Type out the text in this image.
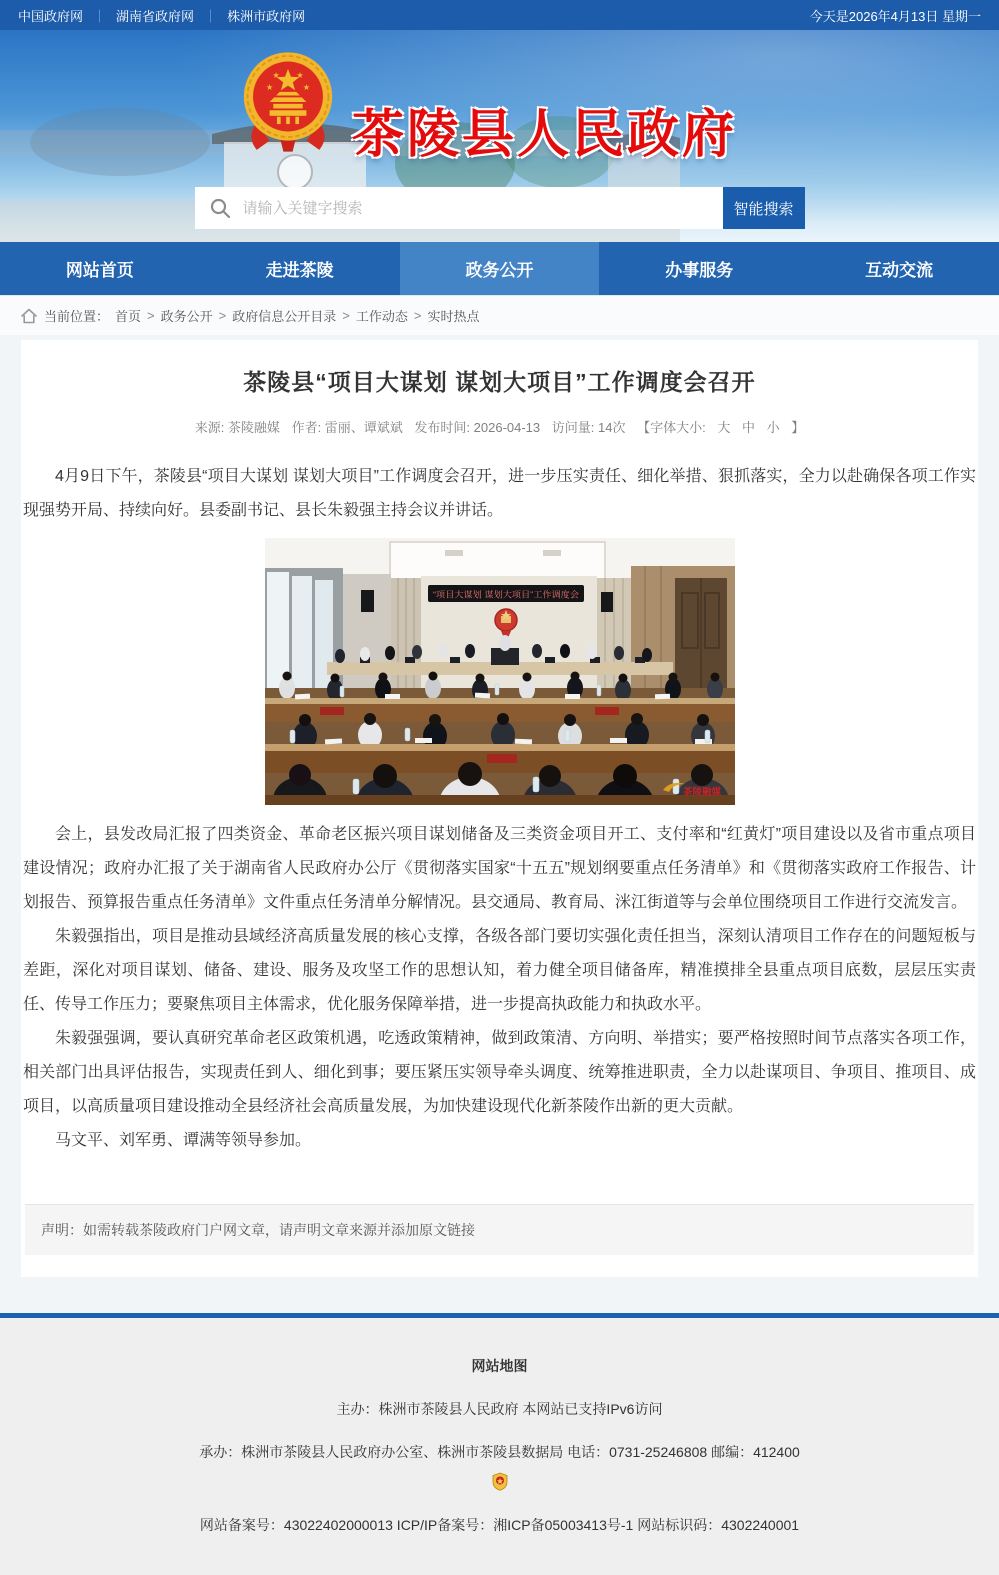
中国政府网 ｜ 湖南省政府网 ｜ 株洲市政府网	今天是2026年4月13日 星期一
★ ★
★	★
茶陵县人民政府
请输入关键字搜索
智能搜索
网站首页	走进茶陵	政务公开	办事服务	互动交流
当前位置： 首页 > 政务公开 > 政府信息公开目录 > 工作动态 > 实时热点
茶陵县“项目大谋划 谋划大项目”工作调度会召开
来源: 茶陵融媒 作者: 雷丽、谭斌斌 发布时间: 2026-04-13 访问量: 14次 【字体大小: 大 中 小 】

4月9日下午，茶陵县“项目大谋划 谋划大项目”工作调度会召开，进一步压实责任、细化举措、狠抓落实，全力以赴确保各项工作实现强势开局、持续向好。县委副书记、县长朱毅强主持会议并讲话。

“项目大谋划 谋划大项目”工作调度会
茶陵融媒

会上，县发改局汇报了四类资金、革命老区振兴项目谋划储备及三类资金项目开工、支付率和“红黄灯”项目建设以及省市重点项目建设情况；政府办汇报了关于湖南省人民政府办公厅《贯彻落实国家“十五五”规划纲要重点任务清单》和《贯彻落实政府工作报告、计划报告、预算报告重点任务清单》文件重点任务清单分解情况。县交通局、教育局、洣江街道等与会单位围绕项目工作进行交流发言。

朱毅强指出，项目是推动县域经济高质量发展的核心支撑，各级各部门要切实强化责任担当，深刻认清项目工作存在的问题短板与差距，深化对项目谋划、储备、建设、服务及攻坚工作的思想认知，着力健全项目储备库，精准摸排全县重点项目底数，层层压实责任、传导工作压力；要聚焦项目主体需求，优化服务保障举措，进一步提高执政能力和执政水平。

朱毅强强调，要认真研究革命老区政策机遇，吃透政策精神，做到政策清、方向明、举措实；要严格按照时间节点落实各项工作，相关部门出具评估报告，实现责任到人、细化到事；要压紧压实领导牵头调度、统筹推进职责，全力以赴谋项目、争项目、推项目、成项目，以高质量项目建设推动全县经济社会高质量发展，为加快建设现代化新茶陵作出新的更大贡献。

马文平、刘军勇、谭满等领导参加。

声明：如需转载茶陵政府门户网文章，请声明文章来源并添加原文链接
网站地图
主办：株洲市茶陵县人民政府 本网站已支持IPv6访问
承办：株洲市茶陵县人民政府办公室、株洲市茶陵县数据局 电话：0731-25246808 邮编：412400
网站备案号：43022402000013 ICP/IP备案号：湘ICP备05003413号-1 网站标识码：4302240001
